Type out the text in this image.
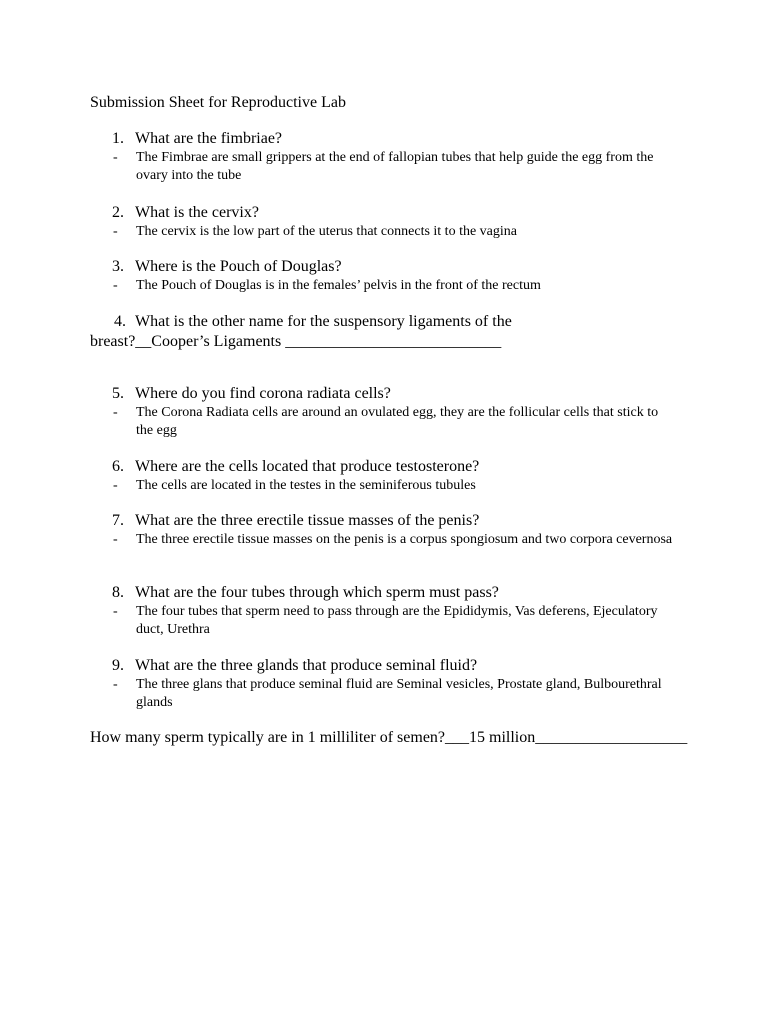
Submission Sheet for Reproductive Lab
1. What are the fimbriae?
- The Fimbrae are small grippers at the end of fallopian tubes that help guide the egg from the ovary into the tube
2. What is the cervix?
- The cervix is the low part of the uterus that connects it to the vagina
3. Where is the Pouch of Douglas?
- The Pouch of Douglas is in the females’ pelvis in the front of the rectum
4. What is the other name for the suspensory ligaments of the
breast?__Cooper’s Ligaments ___________________________
5. Where do you find corona radiata cells?
- The Corona Radiata cells are around an ovulated egg, they are the follicular cells that stick to the egg
6. Where are the cells located that produce testosterone?
- The cells are located in the testes in the seminiferous tubules
7. What are the three erectile tissue masses of the penis?
- The three erectile tissue masses on the penis is a corpus spongiosum and two corpora cevernosa
8. What are the four tubes through which sperm must pass?
- The four tubes that sperm need to pass through are the Epididymis, Vas deferens, Ejeculatory duct, Urethra
9. What are the three glands that produce seminal fluid?
- The three glans that produce seminal fluid are Seminal vesicles, Prostate gland, Bulbourethral glands
How many sperm typically are in 1 milliliter of semen?___15 million___________________
